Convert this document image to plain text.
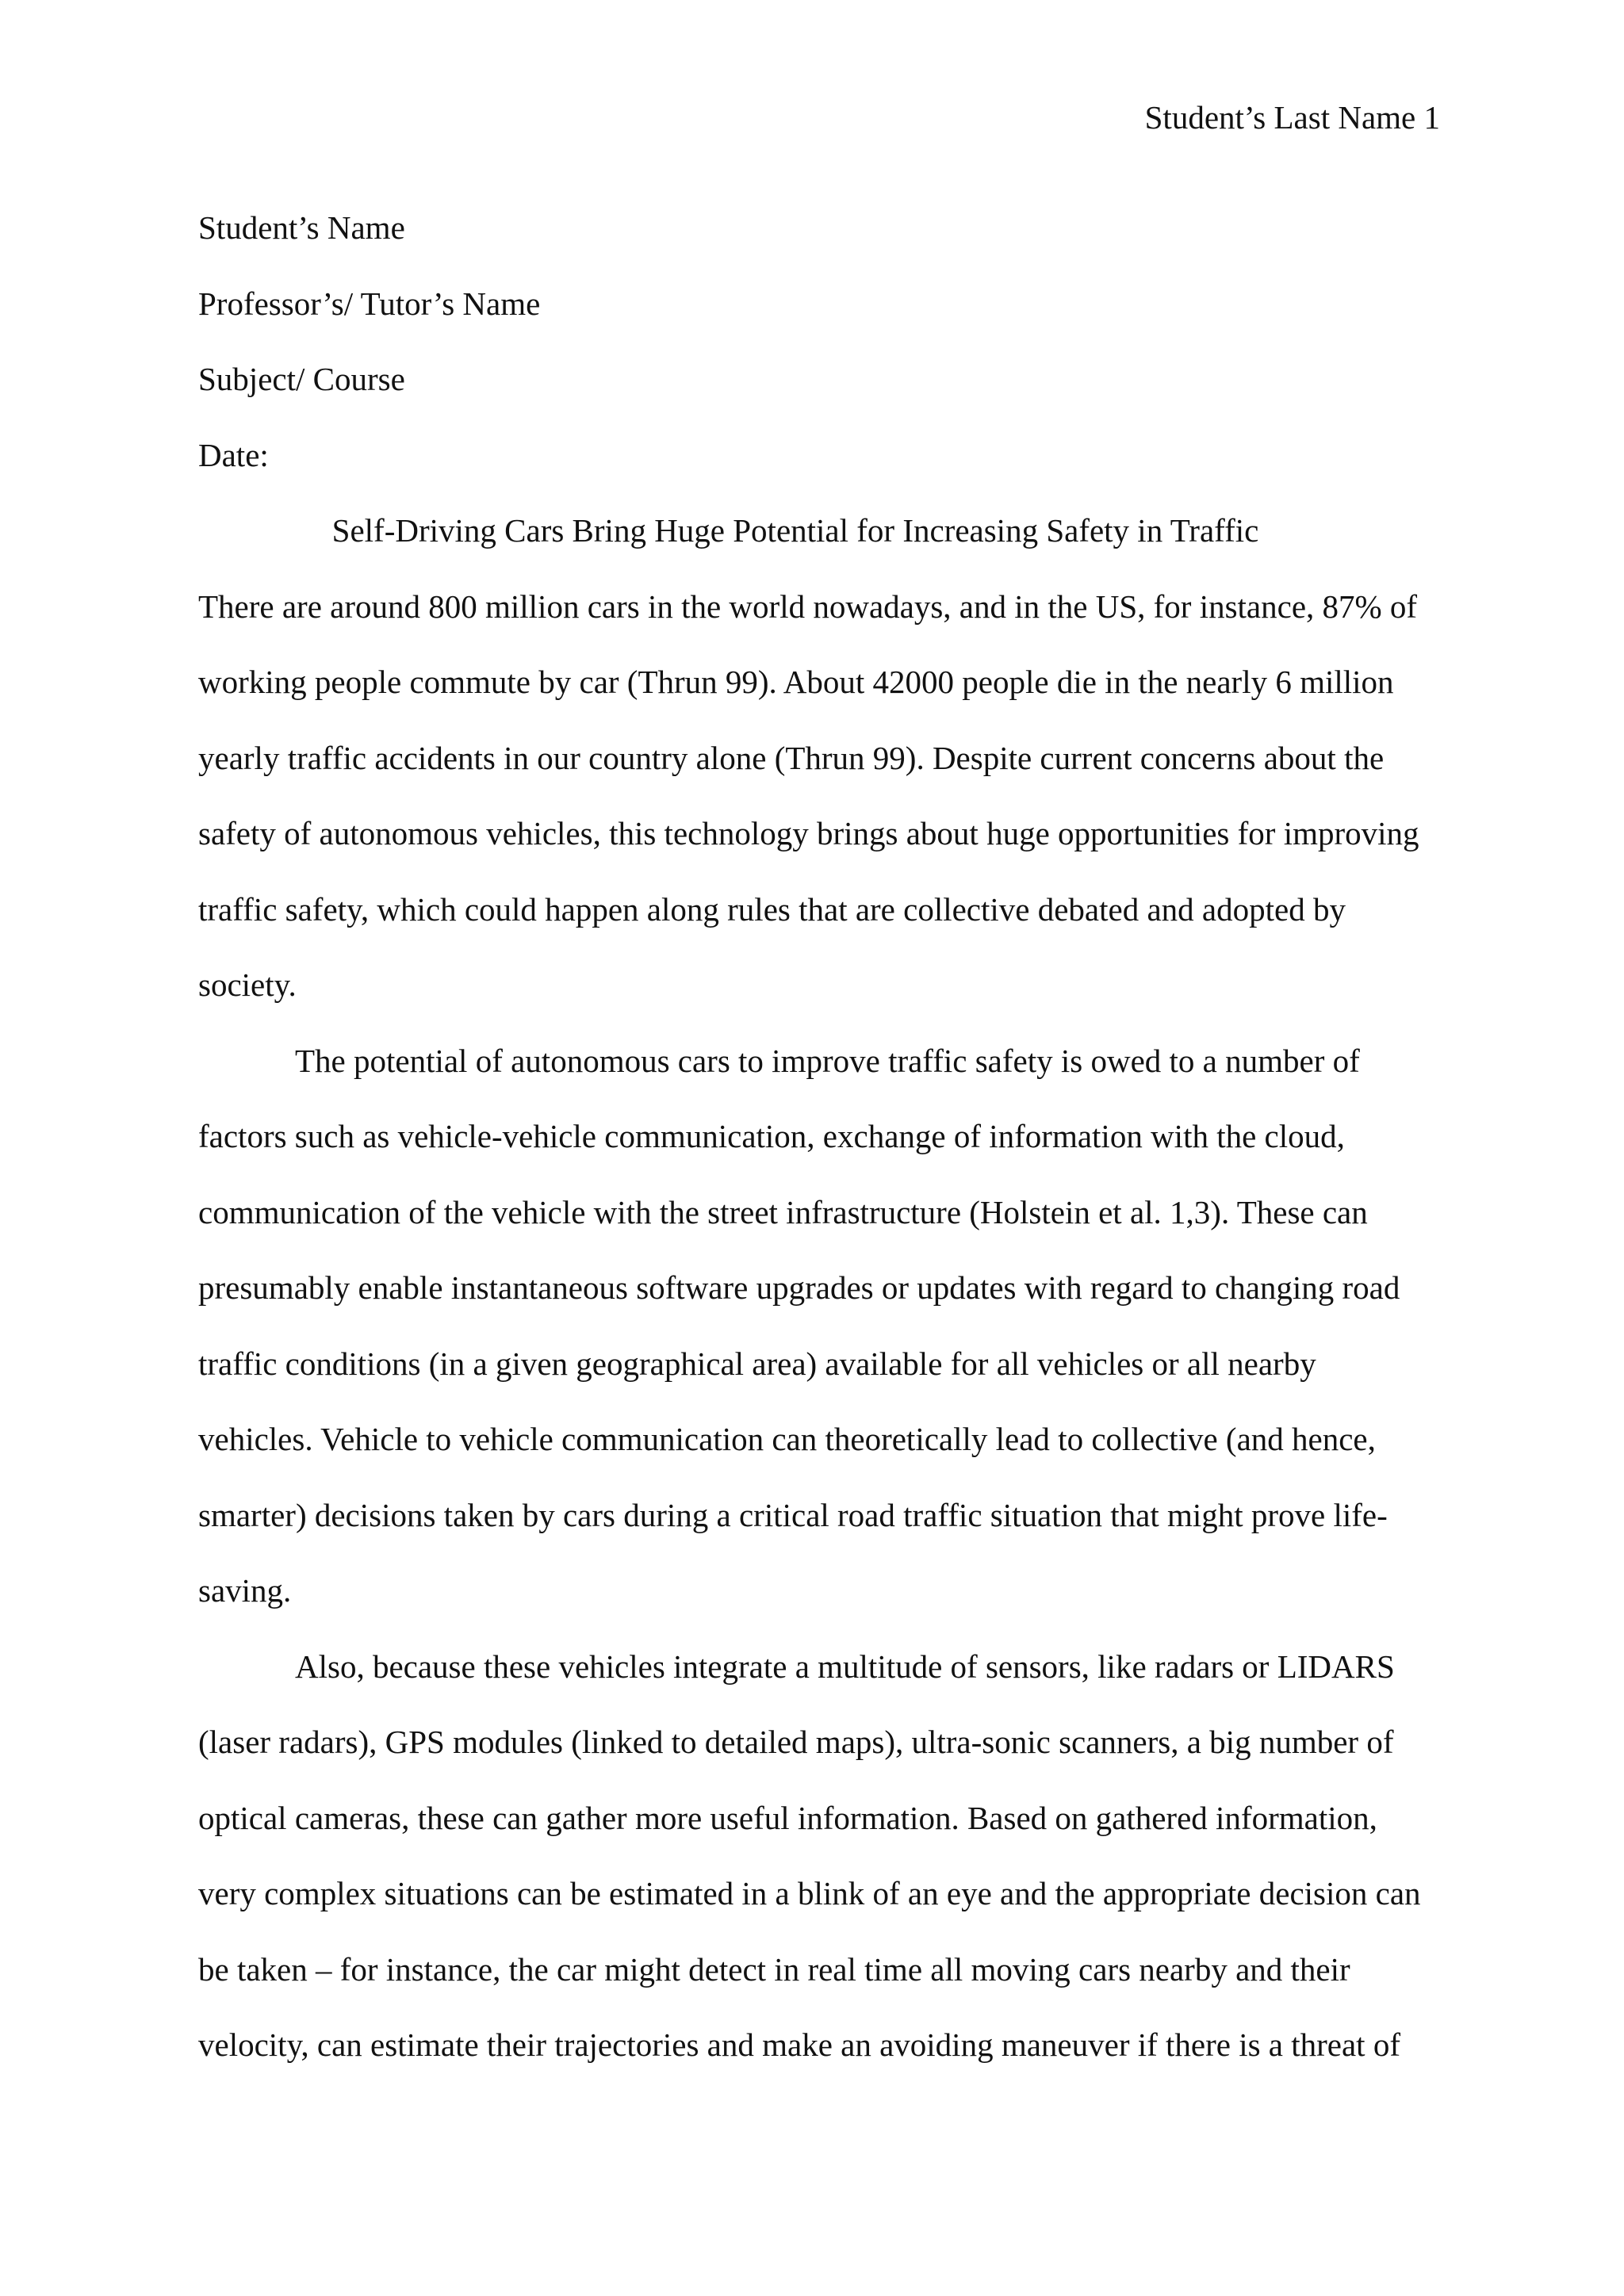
Student’s Last Name 1
Student’s Name
Professor’s/ Tutor’s Name
Subject/ Course
Date:
Self-Driving Cars Bring Huge Potential for Increasing Safety in Traffic
There are around 800 million cars in the world nowadays, and in the US, for instance, 87% of
working people commute by car (Thrun 99). About 42000 people die in the nearly 6 million
yearly traffic accidents in our country alone (Thrun 99). Despite current concerns about the
safety of autonomous vehicles, this technology brings about huge opportunities for improving
traffic safety, which could happen along rules that are collective debated and adopted by
society.
The potential of autonomous cars to improve traffic safety is owed to a number of
factors such as vehicle-vehicle communication, exchange of information with the cloud,
communication of the vehicle with the street infrastructure (Holstein et al. 1,3). These can
presumably enable instantaneous software upgrades or updates with regard to changing road
traffic conditions (in a given geographical area) available for all vehicles or all nearby
vehicles. Vehicle to vehicle communication can theoretically lead to collective (and hence,
smarter) decisions taken by cars during a critical road traffic situation that might prove life-
saving.
Also, because these vehicles integrate a multitude of sensors, like radars or LIDARS
(laser radars), GPS modules (linked to detailed maps), ultra-sonic scanners, a big number of
optical cameras, these can gather more useful information. Based on gathered information,
very complex situations can be estimated in a blink of an eye and the appropriate decision can
be taken – for instance, the car might detect in real time all moving cars nearby and their
velocity, can estimate their trajectories and make an avoiding maneuver if there is a threat of
